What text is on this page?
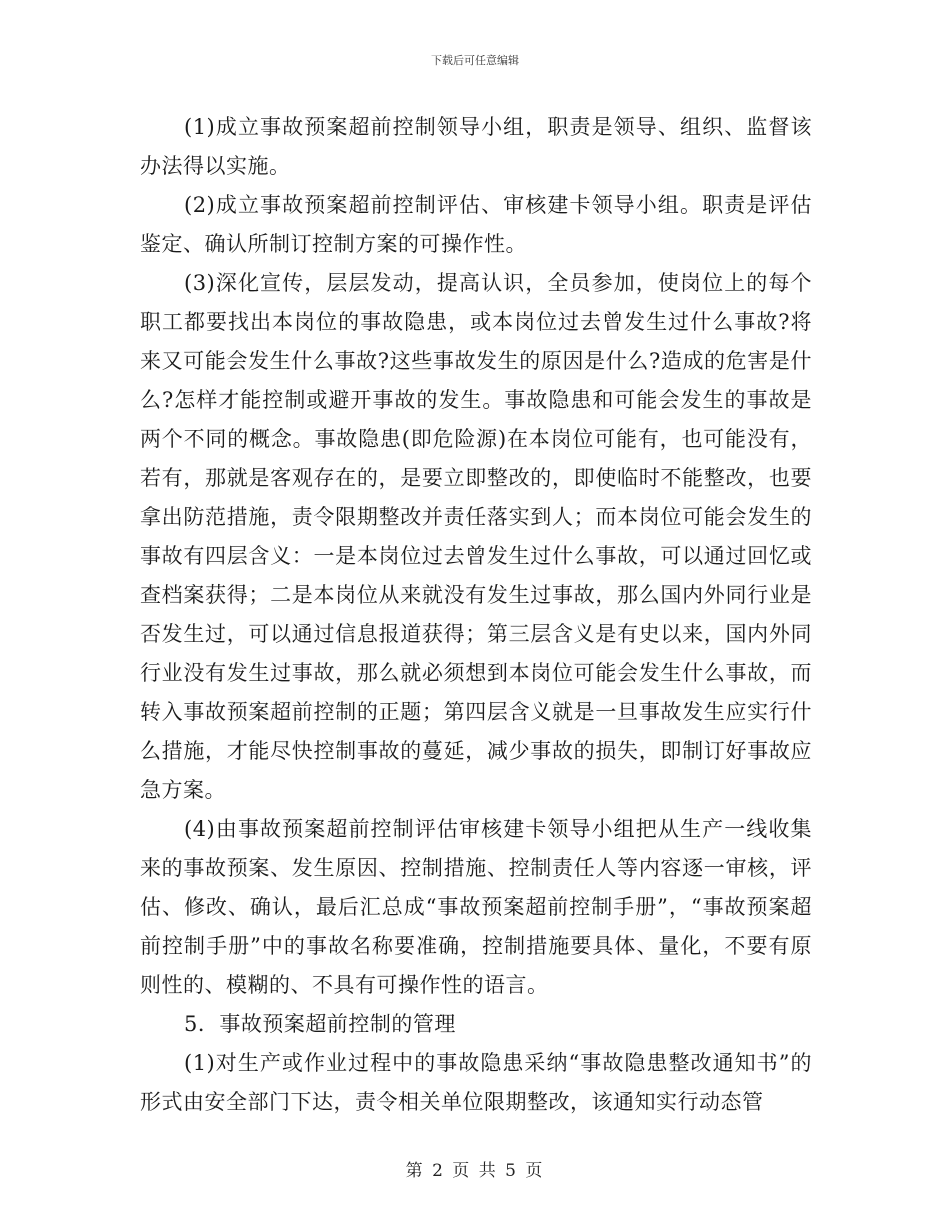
下载后可任意编辑

(1)成立事故预案超前控制领导小组，职责是领导、组织、监督该办法得以实施。

(2)成立事故预案超前控制评估、审核建卡领导小组。职责是评估鉴定、确认所制订控制方案的可操作性。

(3)深化宣传，层层发动，提高认识，全员参加，使岗位上的每个职工都要找出本岗位的事故隐患，或本岗位过去曾发生过什么事故?将来又可能会发生什么事故?这些事故发生的原因是什么?造成的危害是什么?怎样才能控制或避开事故的发生。事故隐患和可能会发生的事故是两个不同的概念。事故隐患(即危险源)在本岗位可能有，也可能没有，若有，那就是客观存在的，是要立即整改的，即使临时不能整改，也要拿出防范措施，责令限期整改并责任落实到人；而本岗位可能会发生的事故有四层含义：一是本岗位过去曾发生过什么事故，可以通过回忆或查档案获得；二是本岗位从来就没有发生过事故，那么国内外同行业是否发生过，可以通过信息报道获得；第三层含义是有史以来，国内外同行业没有发生过事故，那么就必须想到本岗位可能会发生什么事故，而转入事故预案超前控制的正题；第四层含义就是一旦事故发生应实行什么措施，才能尽快控制事故的蔓延，减少事故的损失，即制订好事故应急方案。

(4)由事故预案超前控制评估审核建卡领导小组把从生产一线收集来的事故预案、发生原因、控制措施、控制责任人等内容逐一审核，评估、修改、确认，最后汇总成“事故预案超前控制手册”，“事故预案超前控制手册”中的事故名称要准确，控制措施要具体、量化，不要有原则性的、模糊的、不具有可操作性的语言。

5．事故预案超前控制的管理

(1)对生产或作业过程中的事故隐患采纳“事故隐患整改通知书”的形式由安全部门下达，责令相关单位限期整改，该通知实行动态管

第 2 页 共 5 页
